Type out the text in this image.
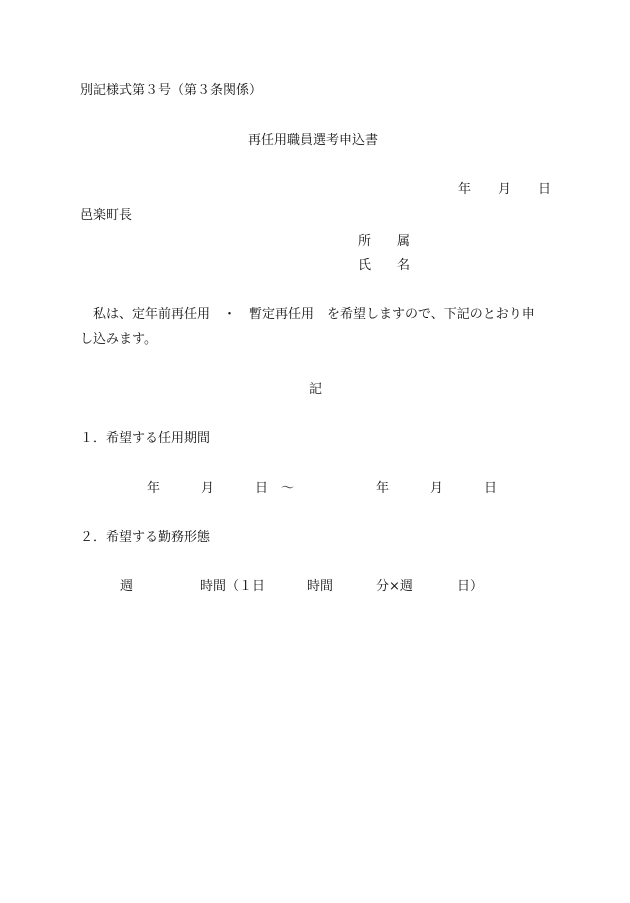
別記様式第３号（第３条関係）
再任用職員選考申込書
年 月 日
邑楽町長
所　　属
氏　　名
私は、定年前再任用　・　暫定再任用　を希望しますので、下記のとおり申
し込みます。
記
１．希望する任用期間
年	月	日 ～	年	月	日
２．希望する勤務形態
週	時間（１日	時間	分×週	日）
